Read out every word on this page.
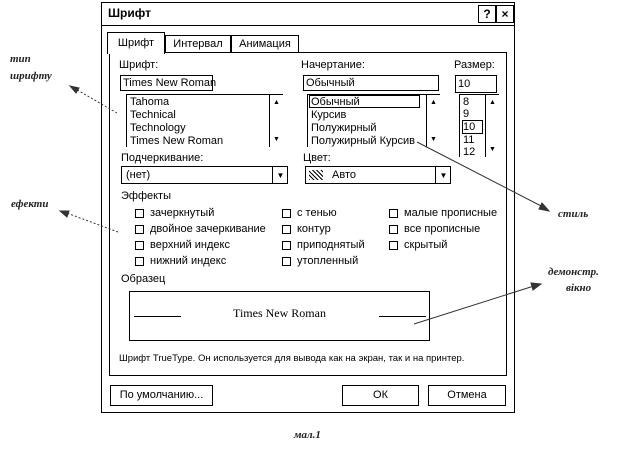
Шрифт	? ×
Шрифт	Интервал	Анимация
Шрифт:
Times New Roman
Tahoma
Technical
Technology
Times New Roman
▲
▼
Начертание:
Обычный
Обычный
Курсив
Полужирный
Полужирный Курсив
▲
▼
Размер:
10
8
9
10
11
12
▲
▼
Подчеркивание:
(нет)	▼
Цвет:
Авто	▼
Эффекты
зачеркнутый
двойное зачеркивание
верхний индекс
нижний индекс
с тенью
контур
приподнятый
утопленный
малые прописные
все прописные
скрытый
Образец
Times New Roman
Шрифт TrueType. Он используется для вывода как на экран, так и на принтер.
По умолчанию...	ОК	Отмена
тип
шрифту
ефекти
стиль
демонстр.
вікно
мал.1
